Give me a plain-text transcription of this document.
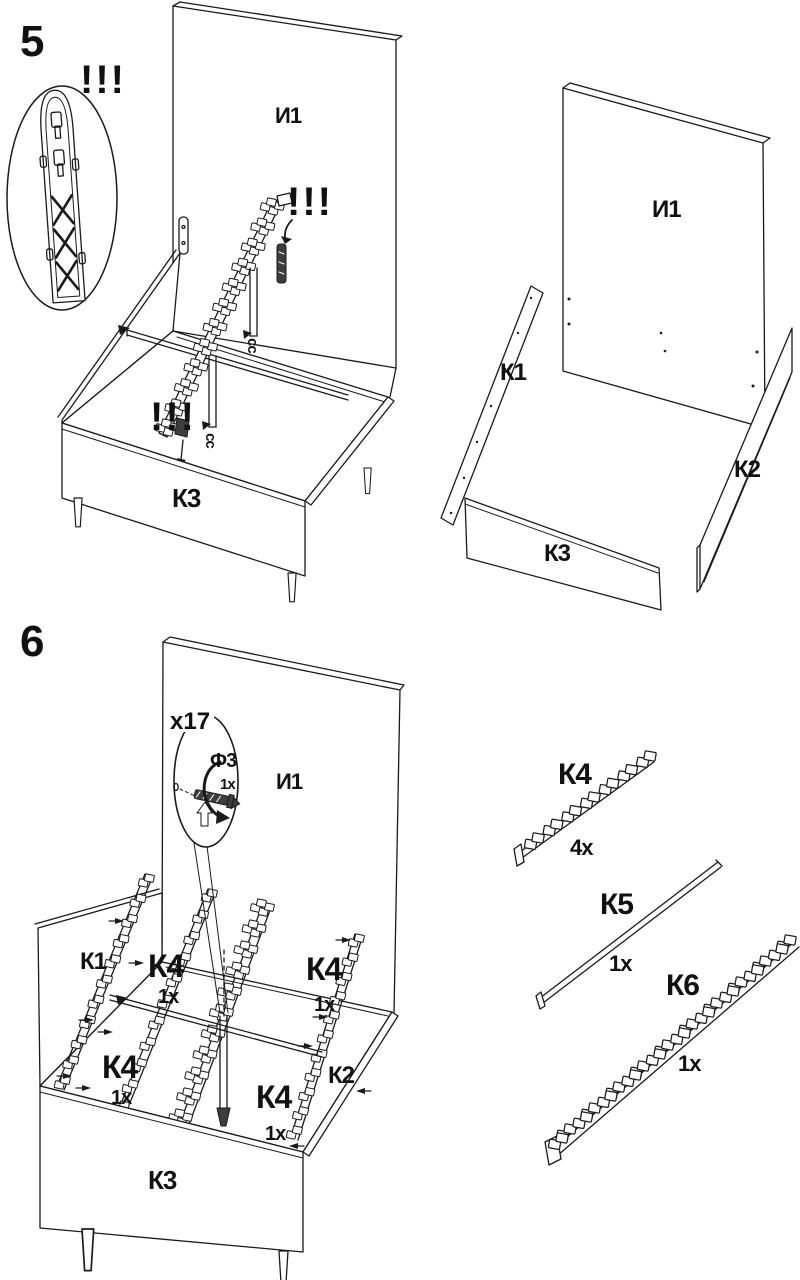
5
!!!
cc
cc
И1
!!!
!!!
К3
И1
К1
К2
К3
6
И1
x17
Ф3
1x
К1 К4
1x
К4
1x
К4
1x	К4
1x
К2
К3
К4
4x
К5
1x
К6
1x
